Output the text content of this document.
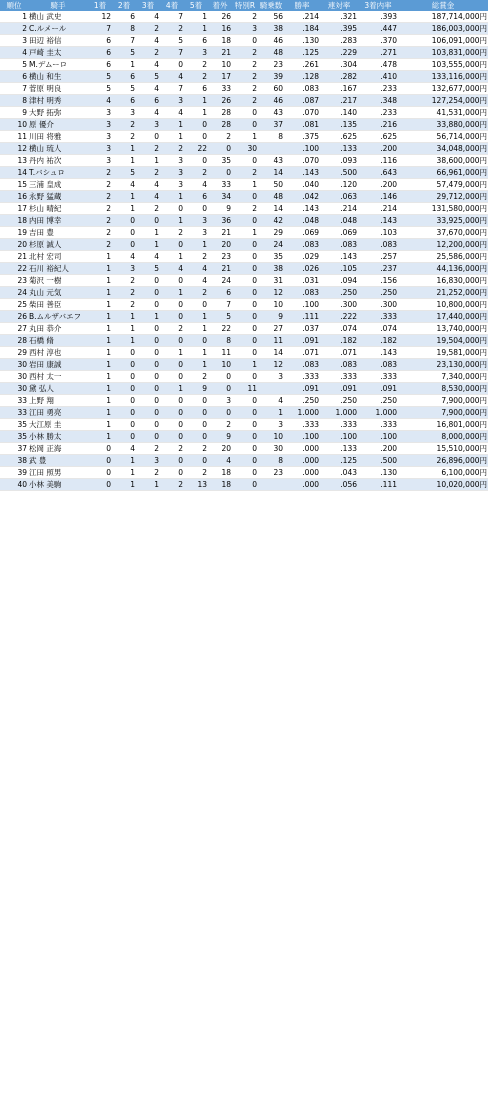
順位	騎手	1着	2着	3着	4着	5着	着外	特別R	騎乗数	勝率	連対率	3着内率	総賞金
1	横山 武史	12	6	4	7	1	26	2	56	.214	.321	.393	187,714,000円
2	C.ルメール	7	8	2	2	1	16	3	38	.184	.395	.447	186,003,000円
3	田辺 裕信	6	7	4	5	6	18	0	46	.130	.283	.370	106,091,000円
4	戸崎 圭太	6	5	2	7	3	21	2	48	.125	.229	.271	103,831,000円
5	M.デムーロ	6	1	4	0	2	10	2	23	.261	.304	.478	103,555,000円
6	横山 和生	5	6	5	4	2	17	2	39	.128	.282	.410	133,116,000円
7	菅原 明良	5	5	4	7	6	33	2	60	.083	.167	.233	132,677,000円
8	津村 明秀	4	6	6	3	1	26	2	46	.087	.217	.348	127,254,000円
9	大野 拓弥	3	3	4	4	1	28	0	43	.070	.140	.233	41,531,000円
10	原 優介	3	2	3	1	0	28	0	37	.081	.135	.216	33,880,000円
11	川田 将雅	3	2	0	1	0	2	1	8	.375	.625	.625	56,714,000円
12	横山 琉人	3	1	2	2	22	0	30		.100	.133	.200	34,048,000円
13	丹内 祐次	3	1	1	3	0	35	0	43	.070	.093	.116	38,600,000円
14	T.バシュロ	2	5	2	3	2	0	2	14	.143	.500	.643	66,961,000円
15	三浦 皇成	2	4	4	3	4	33	1	50	.040	.120	.200	57,479,000円
16	永野 猛蔵	2	1	4	1	6	34	0	48	.042	.063	.146	29,712,000円
17	杉山 晴紀	2	1	2	0	0	9	2	14	.143	.214	.214	131,580,000円
18	内田 博幸	2	0	0	1	3	36	0	42	.048	.048	.143	33,925,000円
19	吉田 豊	2	0	1	2	3	21	1	29	.069	.069	.103	37,670,000円
20	杉原 誠人	2	0	1	0	1	20	0	24	.083	.083	.083	12,200,000円
21	北村 宏司	1	4	4	1	2	23	0	35	.029	.143	.257	25,586,000円
22	石川 裕紀人	1	3	5	4	4	21	0	38	.026	.105	.237	44,136,000円
23	菊沢 一樹	1	2	0	0	4	24	0	31	.031	.094	.156	16,830,000円
24	丸山 元気	1	2	0	1	2	6	0	12	.083	.250	.250	21,252,000円
25	柴田 善臣	1	2	0	0	0	7	0	10	.100	.300	.300	10,800,000円
26	B.ムルザバエフ	1	1	1	0	1	5	0	9	.111	.222	.333	17,440,000円
27	丸田 恭介	1	1	0	2	1	22	0	27	.037	.074	.074	13,740,000円
28	石橋 脩	1	1	0	0	0	8	0	11	.091	.182	.182	19,504,000円
29	西村 淳也	1	0	0	1	1	11	0	14	.071	.071	.143	19,581,000円
30	岩田 康誠	1	0	0	0	1	10	1	12	.083	.083	.083	23,130,000円
30	西村 太一	1	0	0	0	2	0	0	3	.333	.333	.333	7,340,000円
30	黛 弘人	1	0	0	1	9	0	11		.091	.091	.091	8,530,000円
33	上野 翔	1	0	0	0	0	3	0	4	.250	.250	.250	7,900,000円
33	江田 勇亮	1	0	0	0	0	0	0	1	1.000	1.000	1.000	7,900,000円
35	大江原 圭	1	0	0	0	0	2	0	3	.333	.333	.333	16,801,000円
35	小林 勝太	1	0	0	0	0	9	0	10	.100	.100	.100	8,000,000円
37	松岡 正海	0	4	2	2	2	20	0	30	.000	.133	.200	15,510,000円
38	武 豊	0	1	3	0	0	4	0	8	.000	.125	.500	26,896,000円
39	江田 照男	0	1	2	0	2	18	0	23	.000	.043	.130	6,100,000円
40	小林 美駒	0	1	1	2	13	18	0		.000	.056	.111	10,020,000円
